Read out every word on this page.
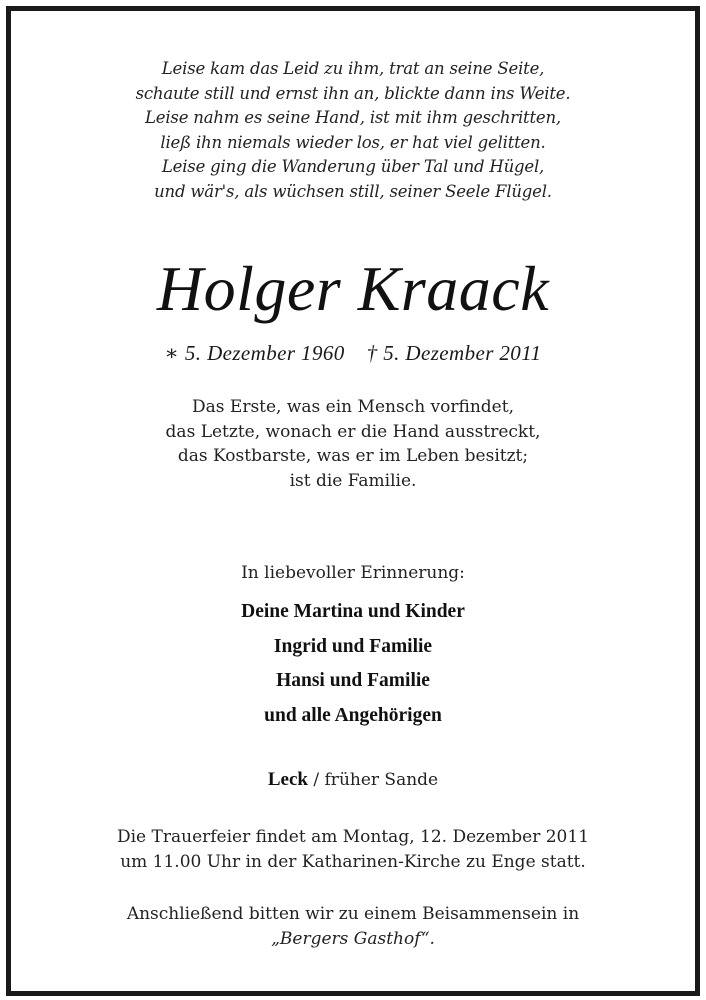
Leise kam das Leid zu ihm, trat an seine Seite,
schaute still und ernst ihn an, blickte dann ins Weite.
Leise nahm es seine Hand, ist mit ihm geschritten,
ließ ihn niemals wieder los, er hat viel gelitten.
Leise ging die Wanderung über Tal und Hügel,
und wär's, als wüchsen still, seiner Seele Flügel.
Holger Kraack
∗ 5. Dezember 1960 † 5. Dezember 2011
Das Erste, was ein Mensch vorfindet,
das Letzte, wonach er die Hand ausstreckt,
das Kostbarste, was er im Leben besitzt;
ist die Familie.
In liebevoller Erinnerung:
Deine Martina und Kinder
Ingrid und Familie
Hansi und Familie
und alle Angehörigen
Leck / früher Sande
Die Trauerfeier findet am Montag, 12. Dezember 2011
um 11.00 Uhr in der Katharinen-Kirche zu Enge statt.
Anschließend bitten wir zu einem Beisammensein in
„Bergers Gasthof“.
